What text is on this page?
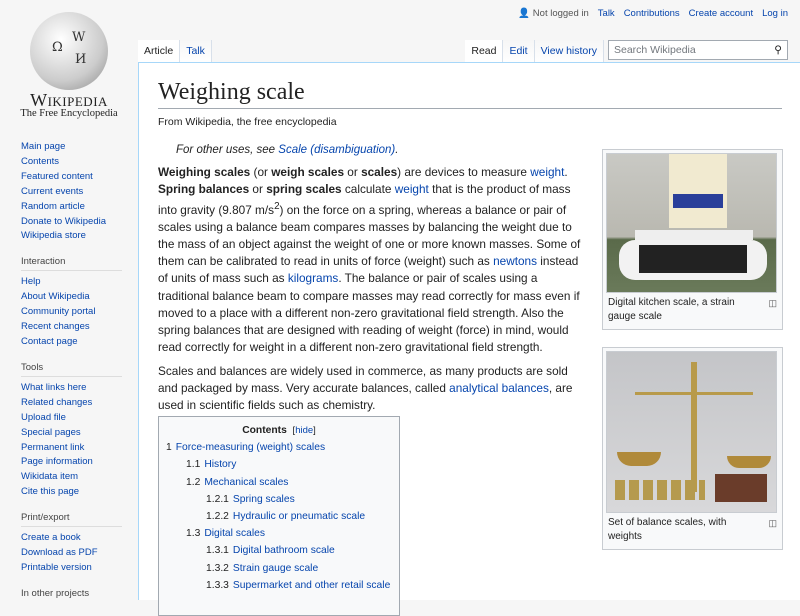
Ω
W
И
Wikipedia
The Free Encyclopedia
👤 Not logged in Talk Contributions Create account Log in
Article	Talk	Read	Edit	View history	Search Wikipedia	⚲
Main page
Contents
Featured content
Current events
Random article
Donate to Wikipedia
Wikipedia store
Interaction
Help
About Wikipedia
Community portal
Recent changes
Contact page
Tools
What links here
Related changes
Upload file
Special pages
Permanent link
Page information
Wikidata item
Cite this page
Print/export
Create a book
Download as PDF
Printable version
In other projects
Weighing scale
From Wikipedia, the free encyclopedia
For other uses, see Scale (disambiguation).

Weighing scales (or weigh scales or scales) are devices to measure weight. Spring balances or spring scales calculate weight that is the product of mass into gravity (9.807 $m/s^2$) on the force on a spring, whereas a balance or pair of scales using a balance beam compares masses by balancing the weight due to the mass of an object against the weight of one or more known masses. Some of them can be calibrated to read in units of force (weight) such as newtons instead of units of mass such as kilograms. The balance or pair of scales using a traditional balance beam to compare masses may read correctly for mass even if moved to a place with a different non-zero gravitational field strength. Also the spring balances that are designed with reading of weight (force) in mind, would read correctly for weight in a different non-zero gravitational field strength.

Scales and balances are widely used in commerce, as many products are sold and packaged by mass. Very accurate balances, called analytical balances, are used in scientific fields such as chemistry.

Digital kitchen scale, a strain gauge scale
◫
Set of balance scales, with weights
◫
Contents [hide]
1 Force-measuring (weight) scales
1.1 History
1.2 Mechanical scales
1.2.1 Spring scales
1.2.2 Hydraulic or pneumatic scale
1.3 Digital scales
1.3.1 Digital bathroom scale
1.3.2 Strain gauge scale
1.3.3 Supermarket and other retail scale
